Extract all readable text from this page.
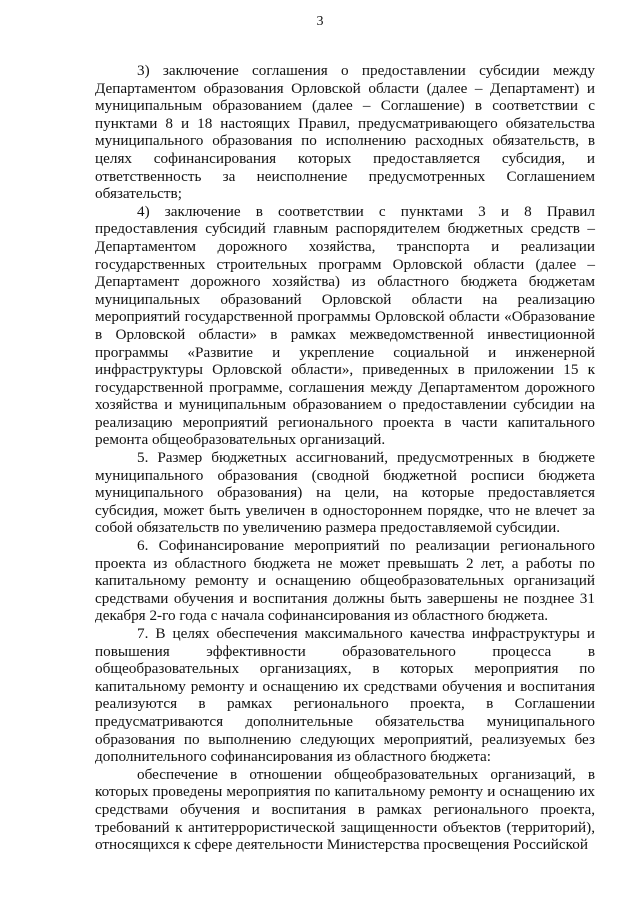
3

3) заключение соглашения о предоставлении субсидии между Департаментом образования Орловской области (далее – Департамент) и муниципальным образованием (далее – Соглашение) в соответствии с пунктами 8 и 18 настоящих Правил, предусматривающего обязательства муниципального образования по исполнению расходных обязательств, в целях софинансирования которых предоставляется субсидия, и ответственность за неисполнение предусмотренных Соглашением обязательств;

4) заключение в соответствии с пунктами 3 и 8 Правил предоставления субсидий главным распорядителем бюджетных средств – Департаментом дорожного хозяйства, транспорта и реализации государственных строительных программ Орловской области (далее – Департамент дорожного хозяйства) из областного бюджета бюджетам муниципальных образований Орловской области на реализацию мероприятий государственной программы Орловской области «Образование в Орловской области» в рамках межведомственной инвестиционной программы «Развитие и укрепление социальной и инженерной инфраструктуры Орловской области», приведенных в приложении 15 к государственной программе, соглашения между Департаментом дорожного хозяйства и муниципальным образованием о предоставлении субсидии на реализацию мероприятий регионального проекта в части капитального ремонта общеобразовательных организаций.

5. Размер бюджетных ассигнований, предусмотренных в бюджете муниципального образования (сводной бюджетной росписи бюджета муниципального образования) на цели, на которые предоставляется субсидия, может быть увеличен в одностороннем порядке, что не влечет за собой обязательств по увеличению размера предоставляемой субсидии.

6. Софинансирование мероприятий по реализации регионального проекта из областного бюджета не может превышать 2 лет, а работы по капитальному ремонту и оснащению общеобразовательных организаций средствами обучения и воспитания должны быть завершены не позднее 31 декабря 2-го года с начала софинансирования из областного бюджета.

7. В целях обеспечения максимального качества инфраструктуры и повышения эффективности образовательного процесса в общеобразовательных организациях, в которых мероприятия по капитальному ремонту и оснащению их средствами обучения и воспитания реализуются в рамках регионального проекта, в Соглашении предусматриваются дополнительные обязательства муниципального образования по выполнению следующих мероприятий, реализуемых без дополнительного софинансирования из областного бюджета:

обеспечение в отношении общеобразовательных организаций, в которых проведены мероприятия по капитальному ремонту и оснащению их средствами обучения и воспитания в рамках регионального проекта, требований к антитеррористической защищенности объектов (территорий), относящихся к сфере деятельности Министерства просвещения Российской
